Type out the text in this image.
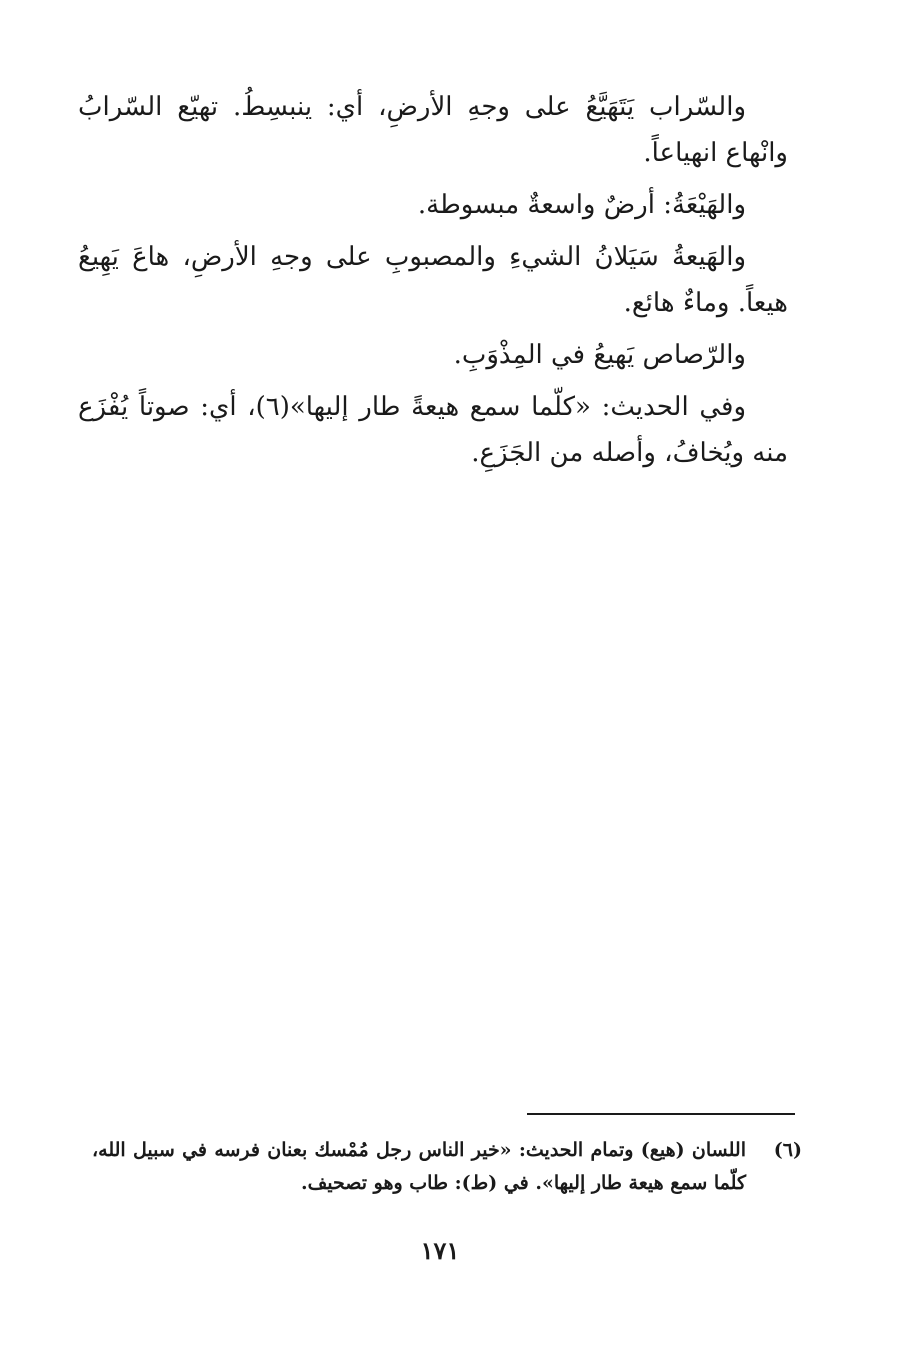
والسّراب يَتَهَيَّعُ على وجهِ الأرضِ، أي: ينبسِطُ. تهيّع السّرابُ وانْهاع انهياعاً.

والهَيْعَةُ: أرضٌ واسعةٌ مبسوطة.

والهَيعةُ سَيَلانُ الشيءِ والمصبوبِ على وجهِ الأرضِ، هاعَ يَهِيعُ هيعاً. وماءٌ هائع.

والرّصاص يَهيعُ في المِذْوَبِ.

وفي الحديث: «كلّما سمع هيعةً طار إليها»(٦)، أي: صوتاً يُفْزَع منه ويُخافُ، وأصله من الجَزَعِ.

(٦)
اللسان (هيع) وتمام الحديث: «خير الناس رجل مُمْسك بعنان فرسه في سبيل الله، كلّما سمع هيعة طار إليها». في (ط): طاب وهو تصحيف.

١٧١
